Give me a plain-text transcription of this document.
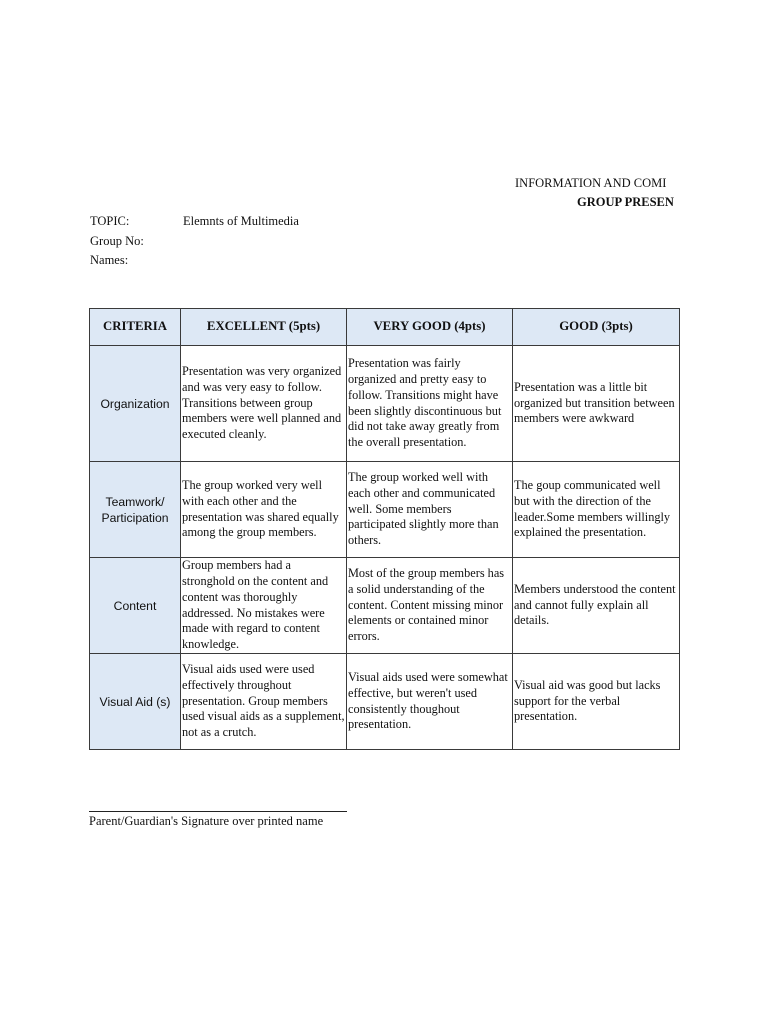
INFORMATION AND COMI
GROUP PRESEN
TOPIC:	Elemnts of Multimedia
Group No:
Names:
CRITERIA	EXCELLENT (5pts)	VERY GOOD (4pts)	GOOD (3pts)
Organization	Presentation was very organized and was very easy to follow. Transitions between group members were well planned and executed cleanly.	Presentation was fairly organized and pretty easy to follow. Transitions might have been slightly discontinuous but did not take away greatly from the overall presentation.	Presentation was a little bit organized but transition between members were awkward
Teamwork/ Participation	The group worked very well with each other and the presentation was shared equally among the group members.	The group worked well with each other and communicated well. Some members participated slightly more than others.	The goup communicated well but with the direction of the leader.Some members willingly explained the presentation.
Content	Group members had a stronghold on the content and content was thoroughly addressed. No mistakes were made with regard to content knowledge.	Most of the group members has a solid understanding of the content. Content missing minor elements or contained minor errors.	Members understood the content and cannot fully explain all details.
Visual Aid (s)	Visual aids used were used effectively throughout presentation. Group members used visual aids as a supplement, not as a crutch.	Visual aids used were somewhat effective, but weren't used consistently thoughout presentation.	Visual aid was good but lacks support for the verbal presentation.
Parent/Guardian's Signature over printed name
